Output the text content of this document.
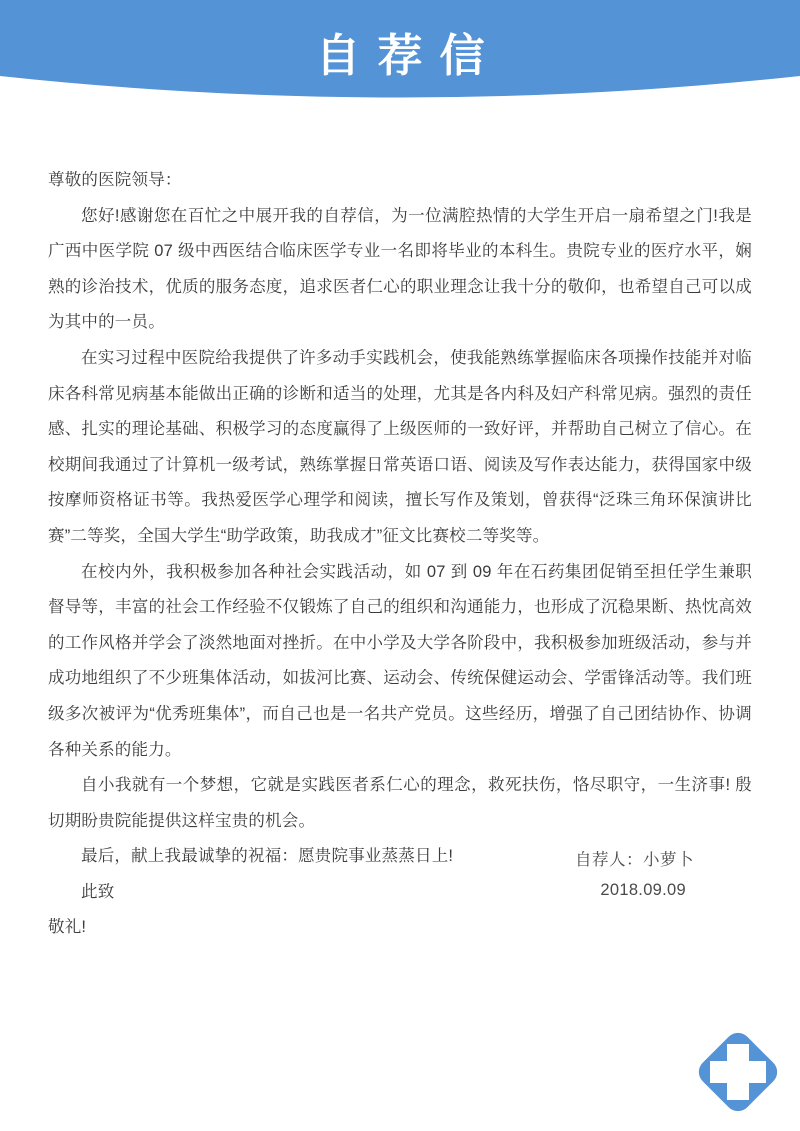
自荐信

尊敬的医院领导：

您好!感谢您在百忙之中展开我的自荐信，为一位满腔热情的大学生开启一扇希望之门!我是广西中医学院 07 级中西医结合临床医学专业一名即将毕业的本科生。贵院专业的医疗水平，娴熟的诊治技术，优质的服务态度，追求医者仁心的职业理念让我十分的敬仰，也希望自己可以成为其中的一员。

在实习过程中医院给我提供了许多动手实践机会，使我能熟练掌握临床各项操作技能并对临床各科常见病基本能做出正确的诊断和适当的处理，尤其是各内科及妇产科常见病。强烈的责任感、扎实的理论基础、积极学习的态度赢得了上级医师的一致好评，并帮助自己树立了信心。在校期间我通过了计算机一级考试，熟练掌握日常英语口语、阅读及写作表达能力，获得国家中级按摩师资格证书等。我热爱医学心理学和阅读，擅长写作及策划，曾获得“泛珠三角环保演讲比赛”二等奖，全国大学生“助学政策，助我成才”征文比赛校二等奖等。

在校内外，我积极参加各种社会实践活动，如 07 到 09 年在石药集团促销至担任学生兼职督导等，丰富的社会工作经验不仅锻炼了自己的组织和沟通能力，也形成了沉稳果断、热忱高效的工作风格并学会了淡然地面对挫折。在中小学及大学各阶段中，我积极参加班级活动，参与并成功地组织了不少班集体活动，如拔河比赛、运动会、传统保健运动会、学雷锋活动等。我们班级多次被评为“优秀班集体”，而自己也是一名共产党员。这些经历，增强了自己团结协作、协调各种关系的能力。

自小我就有一个梦想，它就是实践医者系仁心的理念，救死扶伤，恪尽职守，一生济事! 殷切期盼贵院能提供这样宝贵的机会。

最后，献上我最诚挚的祝福：愿贵院事业蒸蒸日上!

此致

敬礼!

自荐人：小萝卜
2018.09.09
